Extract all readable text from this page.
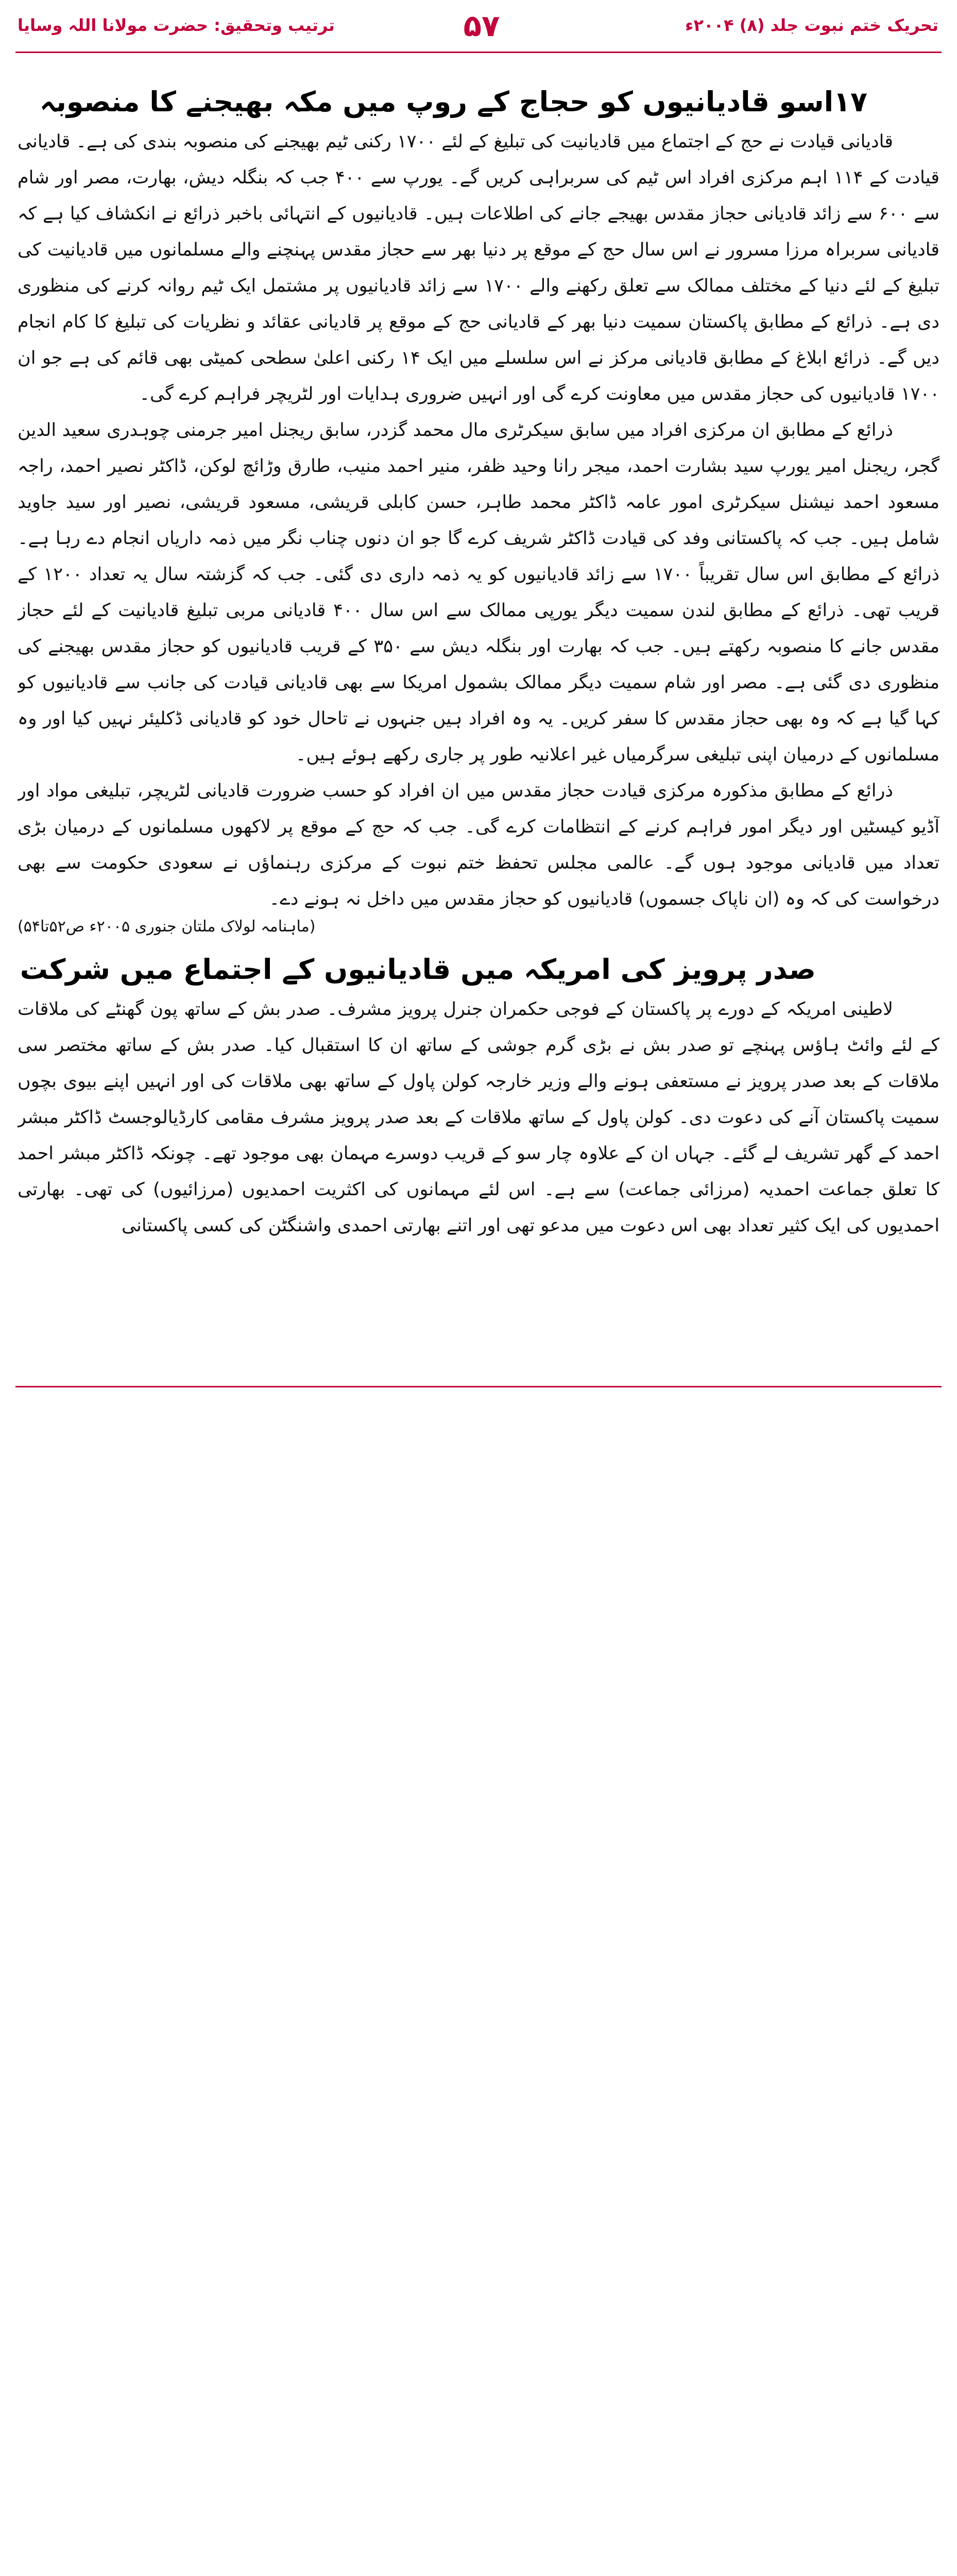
تحریک ختم نبوت جلد (۸) ۲۰۰۴ء
۵۷
ترتیب وتحقیق: حضرت مولانا اللہ وسایا

۱۷اسو قادیانیوں کو حجاج کے روپ میں مکہ بھیجنے کا منصوبہ

قادیانی قیادت نے حج کے اجتماع میں قادیانیت کی تبلیغ کے لئے ۱۷۰۰ رکنی ٹیم بھیجنے کی منصوبہ بندی کی ہے۔ قادیانی قیادت کے ۱۱۴ اہم مرکزی افراد اس ٹیم کی سربراہی کریں گے۔ یورپ سے ۴۰۰ جب کہ بنگلہ دیش، بھارت، مصر اور شام سے ۶۰۰ سے زائد قادیانی حجاز مقدس بھیجے جانے کی اطلاعات ہیں۔ قادیانیوں کے انتہائی باخبر ذرائع نے انکشاف کیا ہے کہ قادیانی سربراہ مرزا مسرور نے اس سال حج کے موقع پر دنیا بھر سے حجاز مقدس پہنچنے والے مسلمانوں میں قادیانیت کی تبلیغ کے لئے دنیا کے مختلف ممالک سے تعلق رکھنے والے ۱۷۰۰ سے زائد قادیانیوں پر مشتمل ایک ٹیم روانہ کرنے کی منظوری دی ہے۔ ذرائع کے مطابق پاکستان سمیت دنیا بھر کے قادیانی حج کے موقع پر قادیانی عقائد و نظریات کی تبلیغ کا کام انجام دیں گے۔ ذرائع ابلاغ کے مطابق قادیانی مرکز نے اس سلسلے میں ایک ۱۴ رکنی اعلیٰ سطحی کمیٹی بھی قائم کی ہے جو ان ۱۷۰۰ قادیانیوں کی حجاز مقدس میں معاونت کرے گی اور انہیں ضروری ہدایات اور لٹریچر فراہم کرے گی۔

ذرائع کے مطابق ان مرکزی افراد میں سابق سیکرٹری مال محمد گزدر، سابق ریجنل امیر جرمنی چوہدری سعید الدین گجر، ریجنل امیر یورپ سید بشارت احمد، میجر رانا وحید ظفر، منیر احمد منیب، طارق وڑائچ لوکن، ڈاکٹر نصیر احمد، راجہ مسعود احمد نیشنل سیکرٹری امور عامہ ڈاکٹر محمد طاہر، حسن کابلی قریشی، مسعود قریشی، نصیر اور سید جاوید شامل ہیں۔ جب کہ پاکستانی وفد کی قیادت ڈاکٹر شریف کرے گا جو ان دنوں چناب نگر میں ذمہ داریاں انجام دے رہا ہے۔ ذرائع کے مطابق اس سال تقریباً ۱۷۰۰ سے زائد قادیانیوں کو یہ ذمہ داری دی گئی۔ جب کہ گزشتہ سال یہ تعداد ۱۲۰۰ کے قریب تھی۔ ذرائع کے مطابق لندن سمیت دیگر یورپی ممالک سے اس سال ۴۰۰ قادیانی مربی تبلیغ قادیانیت کے لئے حجاز مقدس جانے کا منصوبہ رکھتے ہیں۔ جب کہ بھارت اور بنگلہ دیش سے ۳۵۰ کے قریب قادیانیوں کو حجاز مقدس بھیجنے کی منظوری دی گئی ہے۔ مصر اور شام سمیت دیگر ممالک بشمول امریکا سے بھی قادیانی قیادت کی جانب سے قادیانیوں کو کہا گیا ہے کہ وہ بھی حجاز مقدس کا سفر کریں۔ یہ وہ افراد ہیں جنہوں نے تاحال خود کو قادیانی ڈکلیئر نہیں کیا اور وہ مسلمانوں کے درمیان اپنی تبلیغی سرگرمیاں غیر اعلانیہ طور پر جاری رکھے ہوئے ہیں۔

ذرائع کے مطابق مذکورہ مرکزی قیادت حجاز مقدس میں ان افراد کو حسب ضرورت قادیانی لٹریچر، تبلیغی مواد اور آڈیو کیسٹیں اور دیگر امور فراہم کرنے کے انتظامات کرے گی۔ جب کہ حج کے موقع پر لاکھوں مسلمانوں کے درمیان بڑی تعداد میں قادیانی موجود ہوں گے۔ عالمی مجلس تحفظ ختم نبوت کے مرکزی رہنماؤں نے سعودی حکومت سے بھی درخواست کی کہ وہ (ان ناپاک جسموں) قادیانیوں کو حجاز مقدس میں داخل نہ ہونے دے۔

(ماہنامہ لولاک ملتان جنوری ۲۰۰۵ء ص۵۲تا۵۴)

صدر پرویز کی امریکہ میں قادیانیوں کے اجتماع میں شرکت

لاطینی امریکہ کے دورے پر پاکستان کے فوجی حکمران جنرل پرویز مشرف۔ صدر بش کے ساتھ پون گھنٹے کی ملاقات کے لئے وائٹ ہاؤس پہنچے تو صدر بش نے بڑی گرم جوشی کے ساتھ ان کا استقبال کیا۔ صدر بش کے ساتھ مختصر سی ملاقات کے بعد صدر پرویز نے مستعفی ہونے والے وزیر خارجہ کولن پاول کے ساتھ بھی ملاقات کی اور انہیں اپنے بیوی بچوں سمیت پاکستان آنے کی دعوت دی۔ کولن پاول کے ساتھ ملاقات کے بعد صدر پرویز مشرف مقامی کارڈیالوجسٹ ڈاکٹر مبشر احمد کے گھر تشریف لے گئے۔ جہاں ان کے علاوہ چار سو کے قریب دوسرے مہمان بھی موجود تھے۔ چونکہ ڈاکٹر مبشر احمد کا تعلق جماعت احمدیہ (مرزائی جماعت) سے ہے۔ اس لئے مہمانوں کی اکثریت احمدیوں (مرزائیوں) کی تھی۔ بھارتی احمدیوں کی ایک کثیر تعداد بھی اس دعوت میں مدعو تھی اور اتنے بھارتی احمدی واشنگٹن کی کسی پاکستانی
